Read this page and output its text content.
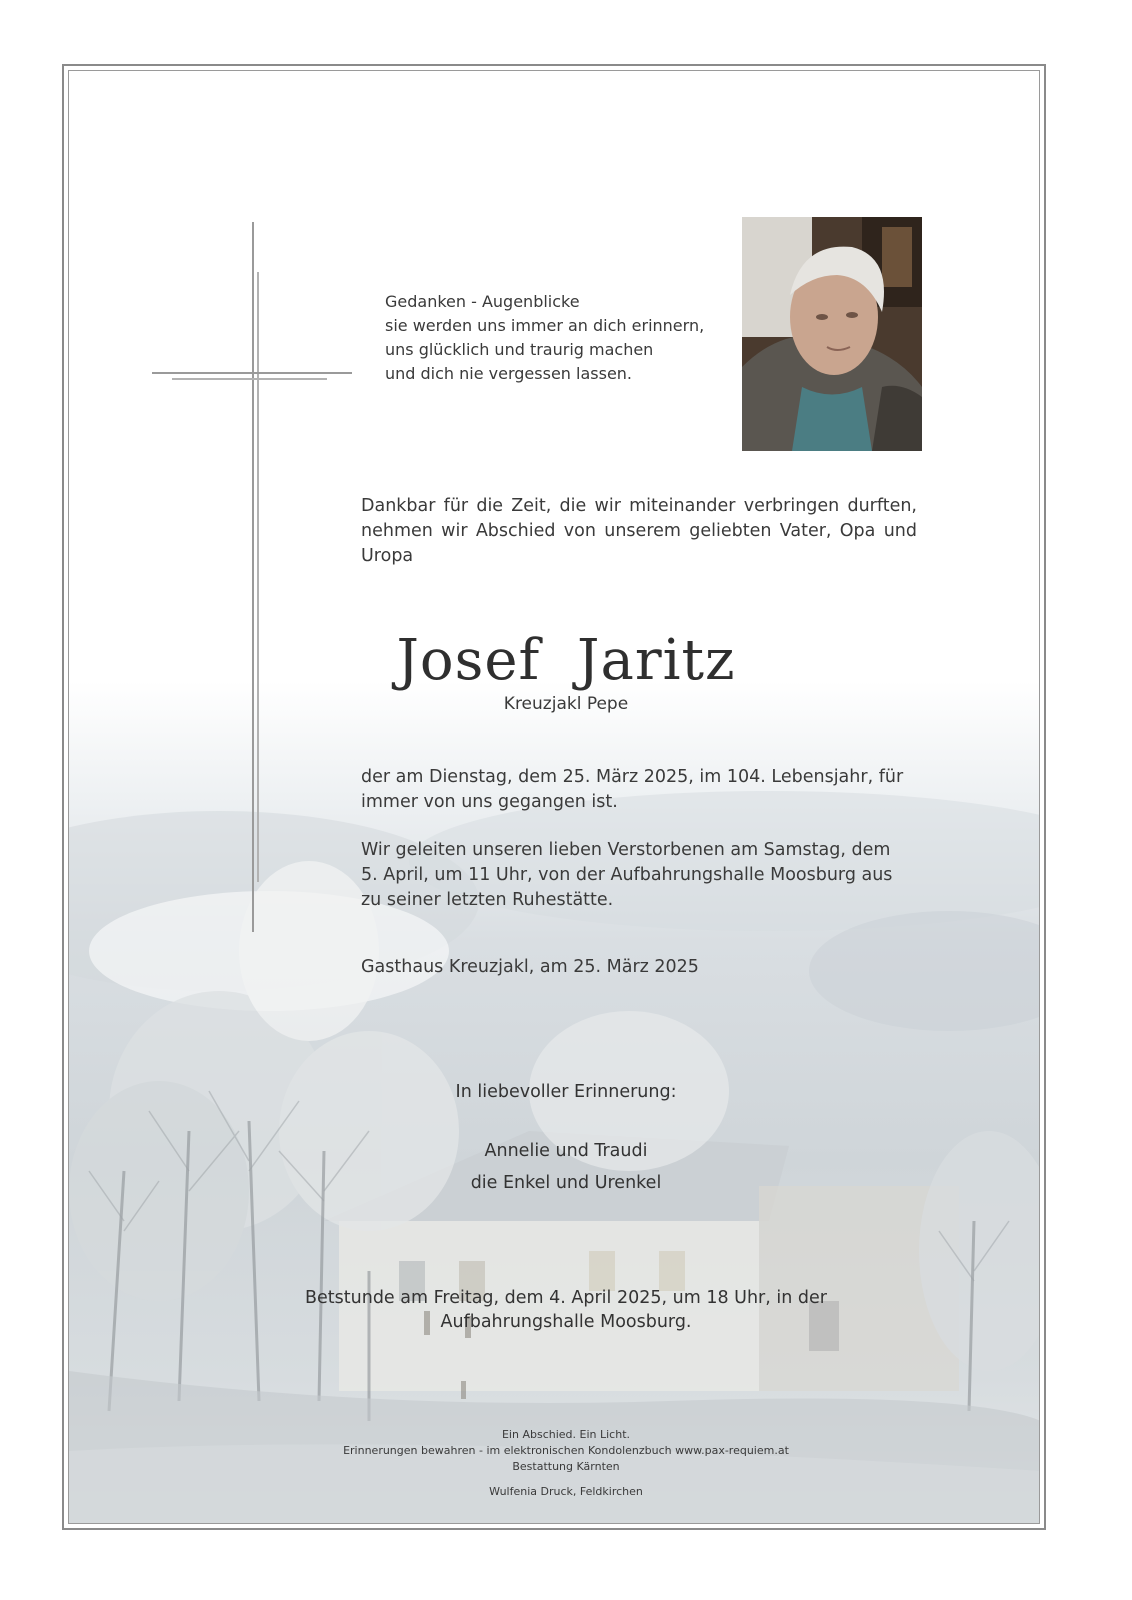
Gedanken - Augenblicke
sie werden uns immer an dich erinnern,
uns glücklich und traurig machen
und dich nie vergessen lassen.
Dankbar für die Zeit, die wir miteinander verbringen durften, nehmen wir Abschied von unserem geliebten Vater, Opa und Uropa
Josef Jaritz
Kreuzjakl Pepe
der am Dienstag, dem 25. März 2025, im 104. Lebensjahr, für immer von uns gegangen ist.
Wir geleiten unseren lieben Verstorbenen am Samstag, dem 5. April, um 11 Uhr, von der Aufbahrungshalle Moosburg aus zu seiner letzten Ruhestätte.
Gasthaus Kreuzjakl, am 25. März 2025
In liebevoller Erinnerung:
Annelie und Traudi
die Enkel und Urenkel
Betstunde am Freitag, dem 4. April 2025, um 18 Uhr, in der
Aufbahrungshalle Moosburg.
Ein Abschied. Ein Licht.
Erinnerungen bewahren - im elektronischen Kondolenzbuch www.pax-requiem.at
Bestattung Kärnten
Wulfenia Druck, Feldkirchen
